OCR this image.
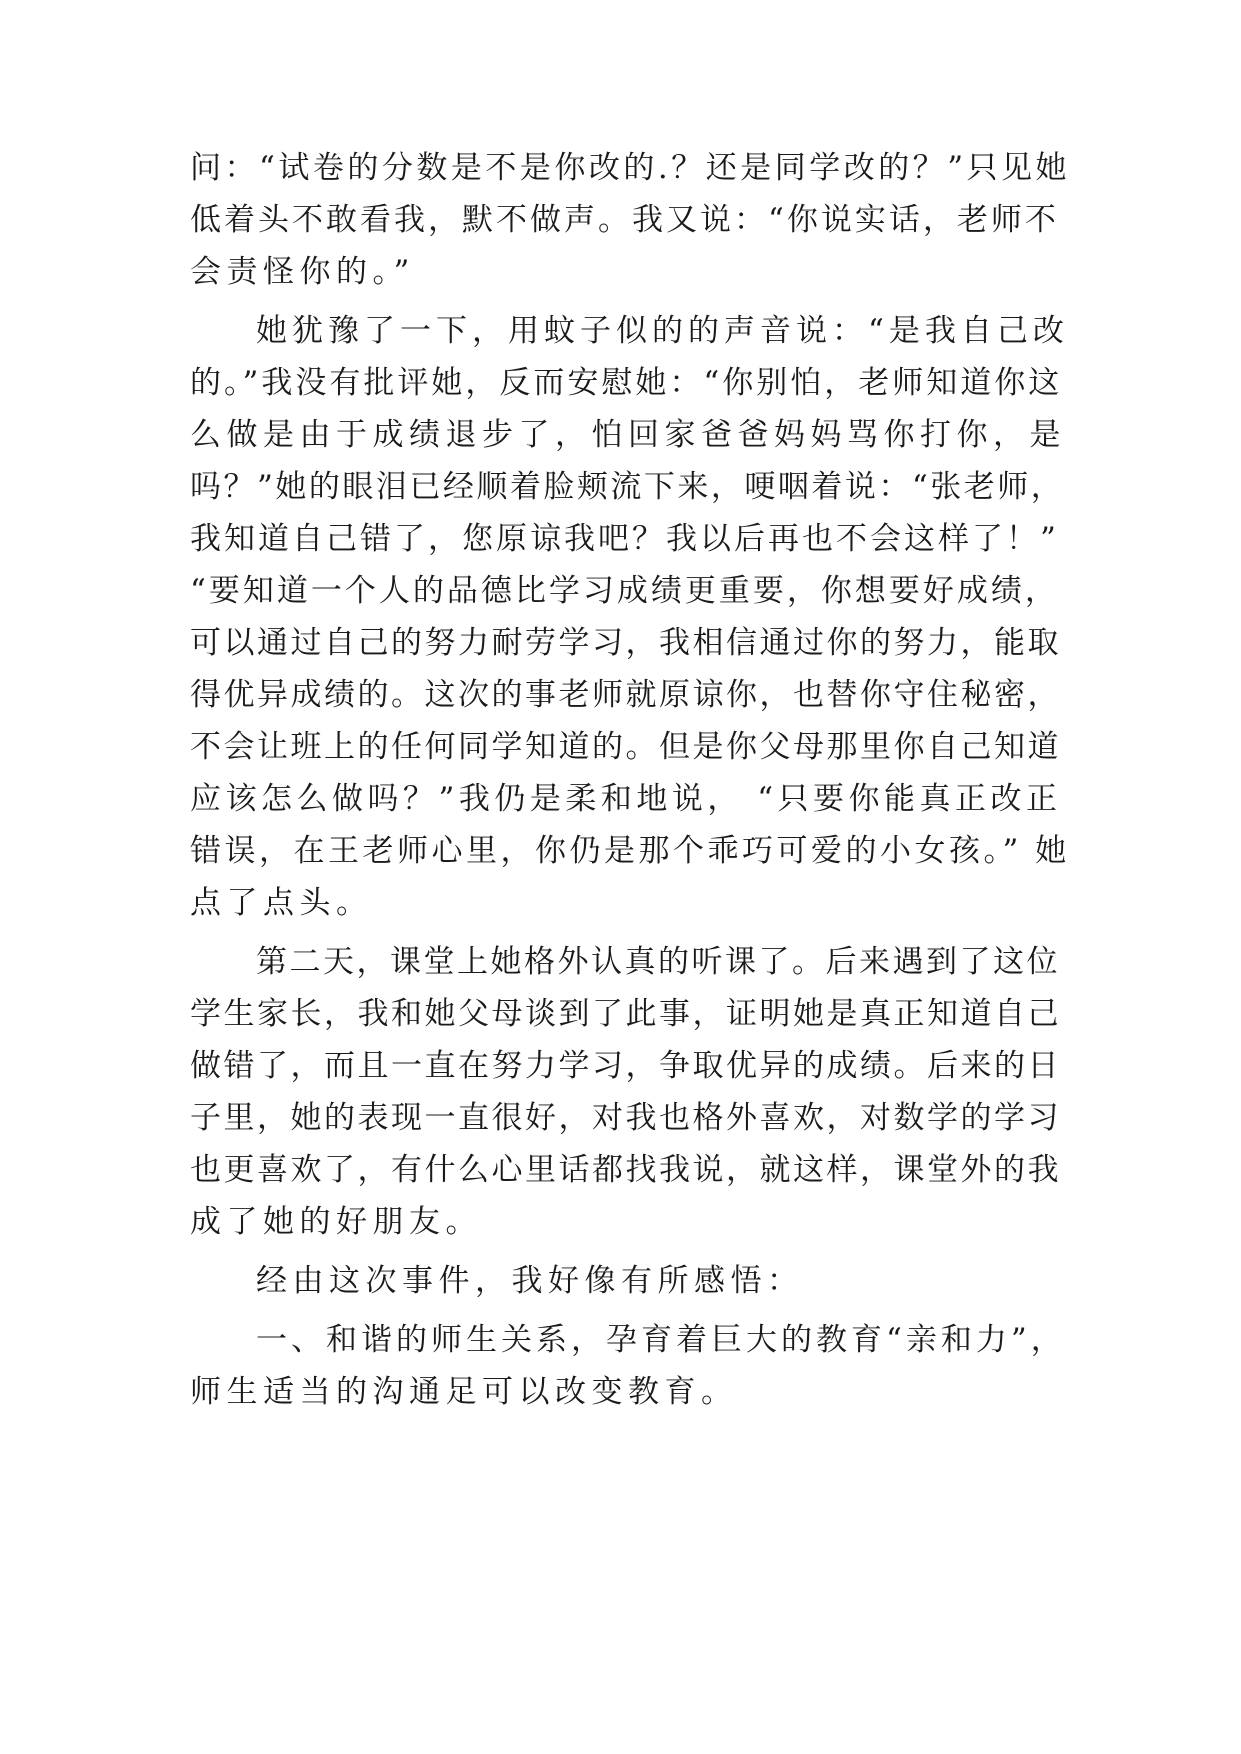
问：“试卷的分数是不是你改的.？还是同学改的？”只见她
低着头不敢看我，默不做声。我又说：“你说实话，老师不
会责怪你的。”
她犹豫了一下，用蚊子似的的声音说：“是我自己改
的。”我没有批评她，反而安慰她：“你别怕，老师知道你这
么做是由于成绩退步了，怕回家爸爸妈妈骂你打你，是
吗？”她的眼泪已经顺着脸颊流下来，哽咽着说：“张老师，
我知道自己错了，您原谅我吧？我以后再也不会这样了！”
“要知道一个人的品德比学习成绩更重要，你想要好成绩，
可以通过自己的努力耐劳学习，我相信通过你的努力，能取
得优异成绩的。这次的事老师就原谅你，也替你守住秘密，
不会让班上的任何同学知道的。但是你父母那里你自己知道
应该怎么做吗？”我仍是柔和地说， “只要你能真正改正
错误，在王老师心里，你仍是那个乖巧可爱的小女孩。” 她
点了点头。
第二天，课堂上她格外认真的听课了。后来遇到了这位
学生家长，我和她父母谈到了此事，证明她是真正知道自己
做错了，而且一直在努力学习，争取优异的成绩。后来的日
子里，她的表现一直很好，对我也格外喜欢，对数学的学习
也更喜欢了，有什么心里话都找我说，就这样，课堂外的我
成了她的好朋友。
经由这次事件，我好像有所感悟：
一、和谐的师生关系，孕育着巨大的教育“亲和力”，
师生适当的沟通足可以改变教育。
